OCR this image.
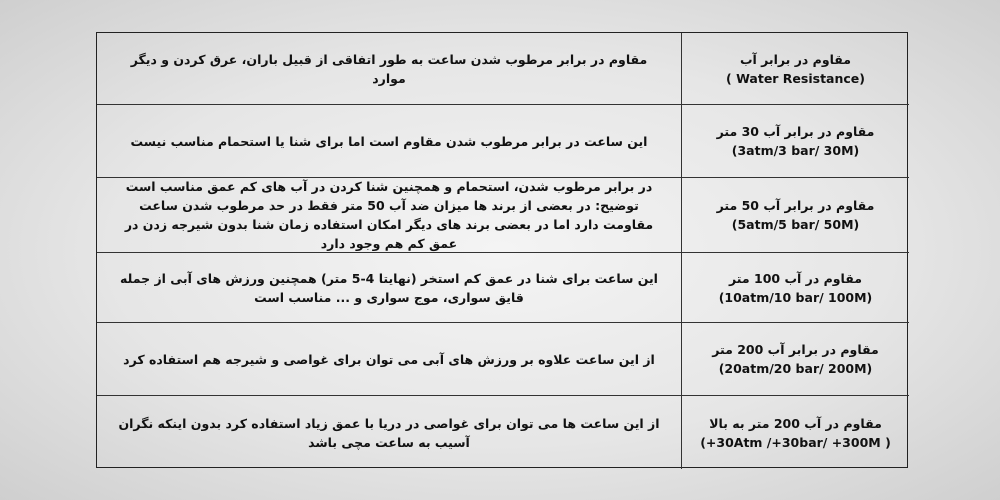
مقاوم در برابر مرطوب شدن ساعت به طور اتفاقی از قبیل باران، عرق کردن و دیگر موارد
مقاوم در برابر آب
( Water Resistance)
این ساعت در برابر مرطوب شدن مقاوم است اما برای شنا یا استحمام مناسب نیست
مقاوم در برابر آب 30 متر
(3atm/3 bar/ 30M)
در برابر مرطوب شدن، استحمام و همچنین شنا کردن در آب های کم عمق مناسب است توضیح: در بعضی از برند ها میزان ضد آب 50 متر فقط در حد مرطوب شدن ساعت مقاومت دارد اما در بعضی برند های دیگر امکان استفاده زمان شنا بدون شیرجه زدن در عمق کم هم وجود دارد
مقاوم در برابر آب 50 متر
(5atm/5 bar/ 50M)
این ساعت برای شنا در عمق کم استخر (نهایتا 4-5 متر) همچنین ورزش های آبی از جمله قایق سواری، موج سواری و ... مناسب است
مقاوم در آب 100 متر
(10atm/10 bar/ 100M)
از این ساعت علاوه بر ورزش های آبی می توان برای غواصی و شیرجه هم استفاده کرد
مقاوم در برابر آب 200 متر
(20atm/20 bar/ 200M)
از این ساعت ها می توان برای غواصی در دریا با عمق زیاد استفاده کرد بدون اینکه نگران آسیب به ساعت مچی باشد
مقاوم در آب 200 متر به بالا
(+30Atm /+30bar/ +300M )
